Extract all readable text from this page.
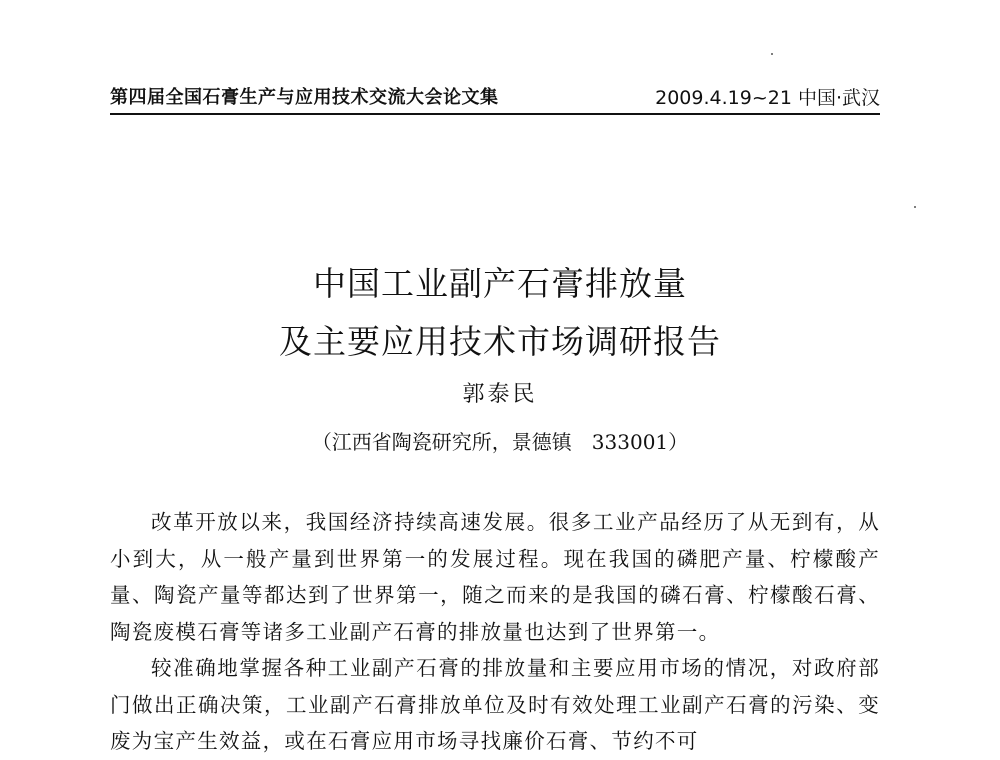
第四届全国石膏生产与应用技术交流大会论文集	2009.4.19~21 中国·武汉
中国工业副产石膏排放量
及主要应用技术市场调研报告
郭泰民
（江西省陶瓷研究所，景德镇　333001）

改革开放以来，我国经济持续高速发展。很多工业产品经历了从无到有，从小到大，从一般产量到世界第一的发展过程。现在我国的磷肥产量、柠檬酸产量、陶瓷产量等都达到了世界第一，随之而来的是我国的磷石膏、柠檬酸石膏、陶瓷废模石膏等诸多工业副产石膏的排放量也达到了世界第一。

较准确地掌握各种工业副产石膏的排放量和主要应用市场的情况，对政府部门做出正确决策，工业副产石膏排放单位及时有效处理工业副产石膏的污染、变废为宝产生效益，或在石膏应用市场寻找廉价石膏、节约不可
